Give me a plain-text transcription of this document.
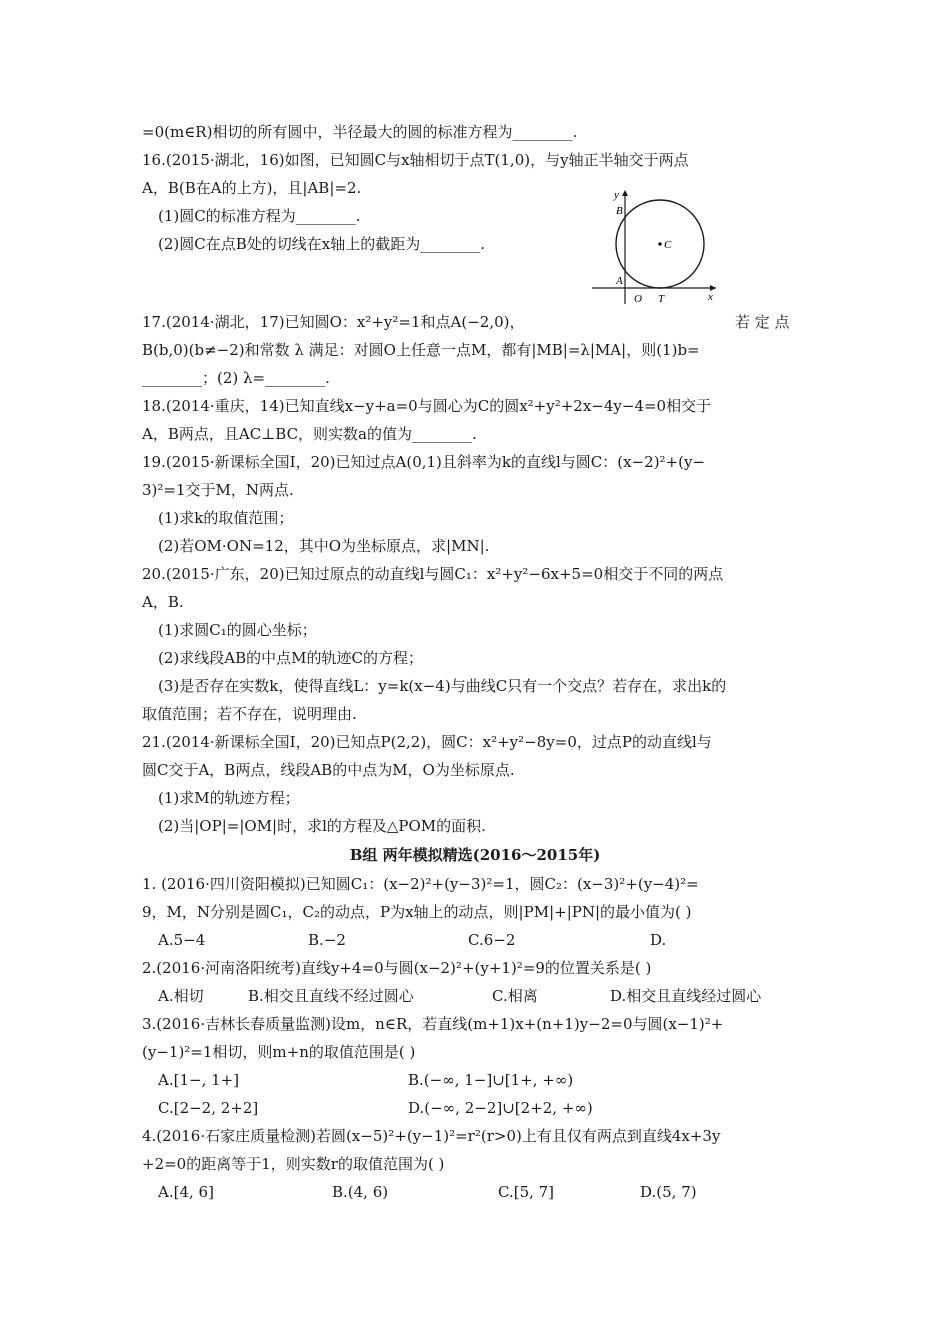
=0(m∈R)相切的所有圆中，半径最大的圆的标准方程为________.
16.(2015·湖北，16)如图，已知圆C与x轴相切于点T(1,0)，与y轴正半轴交于两点
A，B(B在A的上方)，且|AB|=2.
(1)圆C的标准方程为________.
(2)圆C在点B处的切线在x轴上的截距为________.
y
B
C
A
O T	x
17.(2014·湖北，17)已知圆O：x²+y²=1和点A(−2,0)，	若 定 点
B(b,0)(b≠−2)和常数 λ 满足：对圆O上任意一点M，都有|MB|=λ|MA|，则(1)b=
________；(2) λ=________.
18.(2014·重庆，14)已知直线x−y+a=0与圆心为C的圆x²+y²+2x−4y−4=0相交于
A，B两点，且AC⊥BC，则实数a的值为________.
19.(2015·新课标全国Ⅰ，20)已知过点A(0,1)且斜率为k的直线l与圆C：(x−2)²+(y−
3)²=1交于M，N两点.
(1)求k的取值范围；
(2)若OM·ON=12，其中O为坐标原点，求|MN|.
20.(2015·广东，20)已知过原点的动直线l与圆C₁：x²+y²−6x+5=0相交于不同的两点
A，B.
(1)求圆C₁的圆心坐标；
(2)求线段AB的中点M的轨迹C的方程；
(3)是否存在实数k，使得直线L：y=k(x−4)与曲线C只有一个交点？若存在，求出k的
取值范围；若不存在，说明理由.
21.(2014·新课标全国Ⅰ，20)已知点P(2,2)，圆C：x²+y²−8y=0，过点P的动直线l与
圆C交于A，B两点，线段AB的中点为M，O为坐标原点.
(1)求M的轨迹方程；
(2)当|OP|=|OM|时，求l的方程及△POM的面积.
B组 两年模拟精选(2016～2015年)
1. (2016·四川资阳模拟)已知圆C₁：(x−2)²+(y−3)²=1，圆C₂：(x−3)²+(y−4)²=
9，M，N分别是圆C₁，C₂的动点，P为x轴上的动点，则|PM|+|PN|的最小值为( )
A.5−4	B.−2	C.6−2	D.
2.(2016·河南洛阳统考)直线y+4=0与圆(x−2)²+(y+1)²=9的位置关系是( )
A.相切	B.相交且直线不经过圆心	C.相离	D.相交且直线经过圆心
3.(2016·吉林长春质量监测)设m，n∈R，若直线(m+1)x+(n+1)y−2=0与圆(x−1)²+
(y−1)²=1相切，则m+n的取值范围是( )
A.[1−, 1+]	B.(−∞, 1−]∪[1+, +∞)
C.[2−2, 2+2]	D.(−∞, 2−2]∪[2+2, +∞)
4.(2016·石家庄质量检测)若圆(x−5)²+(y−1)²=r²(r>0)上有且仅有两点到直线4x+3y
+2=0的距离等于1，则实数r的取值范围为( )
A.[4, 6]	B.(4, 6)	C.[5, 7]	D.(5, 7)
